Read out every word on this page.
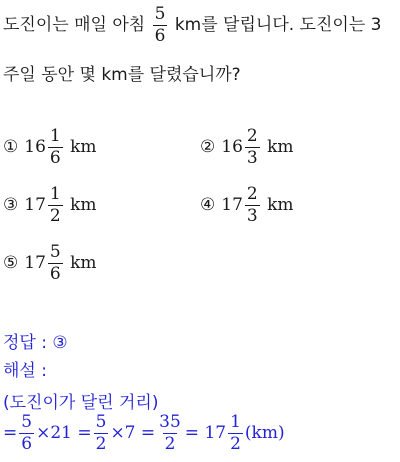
도진이는 매일 아침 $\frac{5}{6}$ km를 달립니다. 도진이는 3
주일 동안 몇 km를 달렸습니까?
① $16 \frac{1}{6}$ km	② $16 \frac{2}{3}$ km
③ $17 \frac{1}{2}$ km	④ $17 \frac{2}{3}$ km
⑤ $17 \frac{5}{6}$ km
정답 : ③
해설 :
(도진이가 달린 거리)
= $\frac{5}{6} \times 21 = \frac{5}{2} \times 7 = \frac{35}{2} = 17 \frac{1}{2} (km)$
